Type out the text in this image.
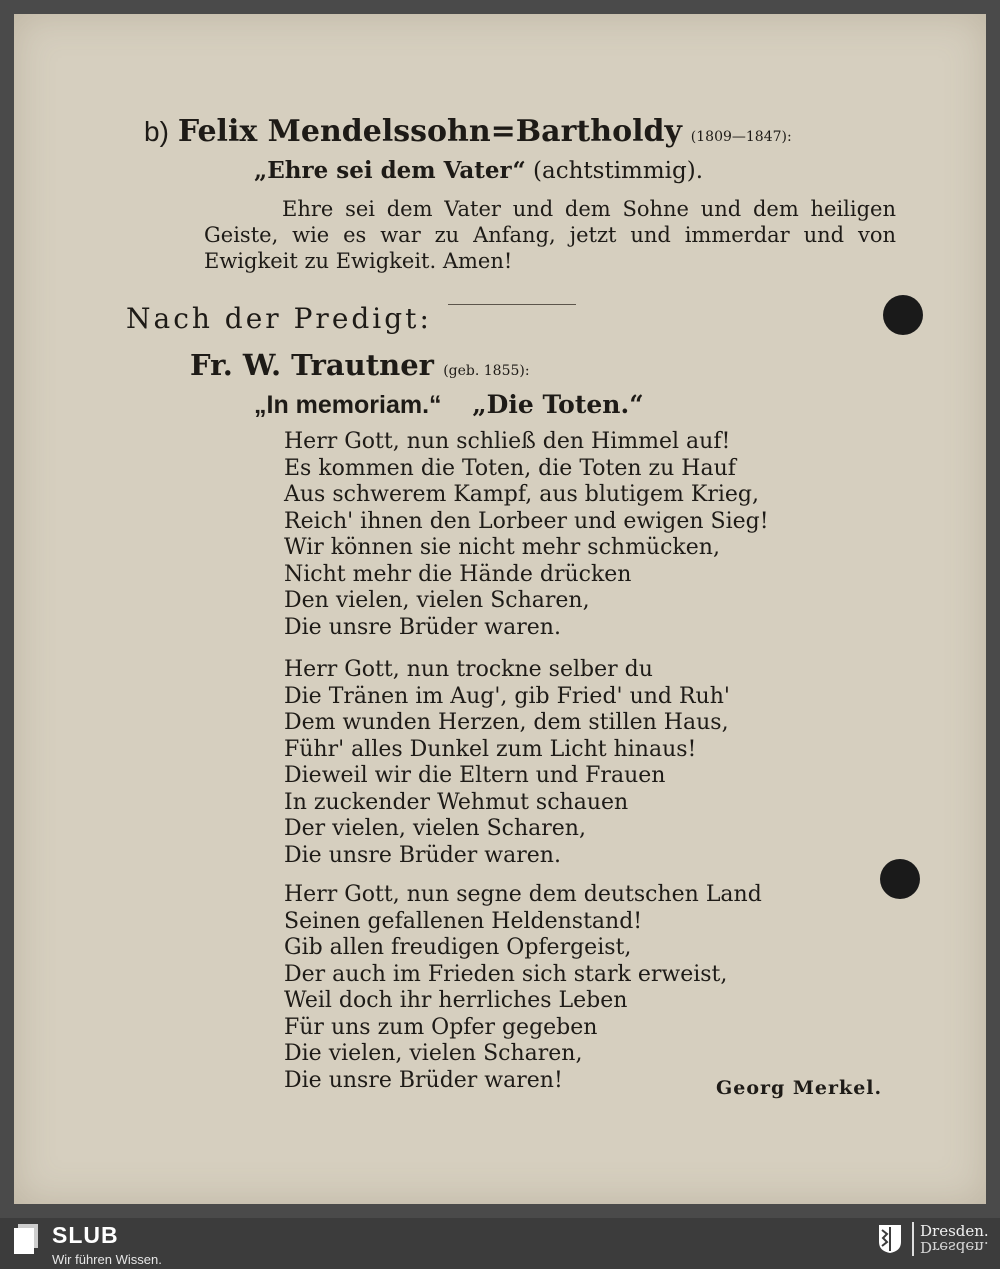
b) Felix Mendelssohn=Bartholdy (1809—1847):
„Ehre sei dem Vater“ (achtstimmig).

Ehre sei dem Vater und dem Sohne und dem heiligen Geiste, wie es war zu Anfang, jetzt und immerdar und von Ewigkeit zu Ewigkeit. Amen!

Nach der Predigt:
Fr. W. Trautner (geb. 1855):
„In memoriam.“ „Die Toten.“
Herr Gott, nun schließ den Himmel auf!
Es kommen die Toten, die Toten zu Hauf
Aus schwerem Kampf, aus blutigem Krieg,
Reich' ihnen den Lorbeer und ewigen Sieg!
Wir können sie nicht mehr schmücken,
Nicht mehr die Hände drücken
Den vielen, vielen Scharen,
Die unsre Brüder waren.
Herr Gott, nun trockne selber du
Die Tränen im Aug', gib Fried' und Ruh'
Dem wunden Herzen, dem stillen Haus,
Führ' alles Dunkel zum Licht hinaus!
Dieweil wir die Eltern und Frauen
In zuckender Wehmut schauen
Der vielen, vielen Scharen,
Die unsre Brüder waren.
Herr Gott, nun segne dem deutschen Land
Seinen gefallenen Heldenstand!
Gib allen freudigen Opfergeist,
Der auch im Frieden sich stark erweist,
Weil doch ihr herrliches Leben
Für uns zum Opfer gegeben
Die vielen, vielen Scharen,
Die unsre Brüder waren!	Georg Merkel.
SLUB
Wir führen Wissen.
Dresden.
Dresden.
